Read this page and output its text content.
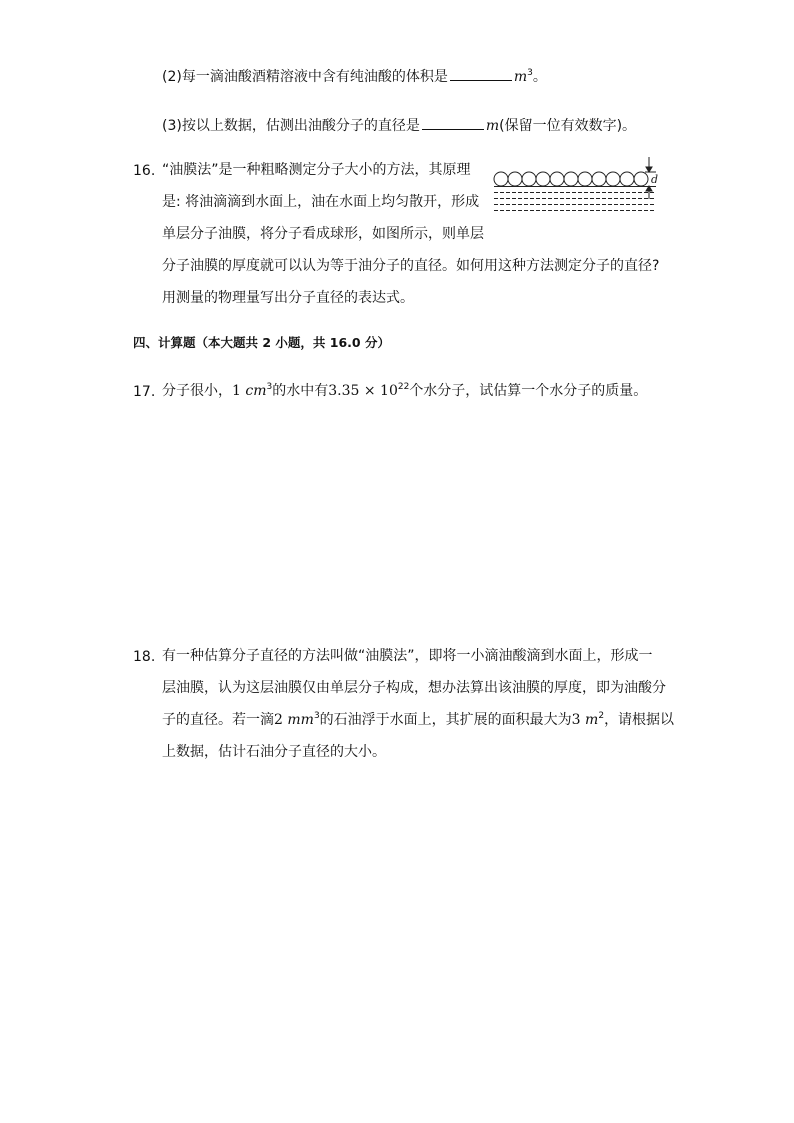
(2)每一滴油酸酒精溶液中含有纯油酸的体积是	$m^3$。
(3)按以上数据，估测出油酸分子的直径是	m(保留一位有效数字)。
16. “油膜法”是一种粗略测定分子大小的方法，其原理
是: 将油滴滴到水面上，油在水面上均匀散开，形成
单层分子油膜，将分子看成球形，如图所示，则单层
分子油膜的厚度就可以认为等于油分子的直径。如何用这种方法测定分子的直径?
用测量的物理量写出分子直径的表达式。
d
四、计算题（本大题共 2 小题，共 16.0 分）
17. 分子很小，1 $cm^3$的水中有$3.35 \times 10^{22}$个水分子，试估算一个水分子的质量。
18. 有一种估算分子直径的方法叫做“油膜法”，即将一小滴油酸滴到水面上，形成一
层油膜，认为这层油膜仅由单层分子构成，想办法算出该油膜的厚度，即为油酸分
子的直径。若一滴2 $mm^3$的石油浮于水面上，其扩展的面积最大为3 $m^2$，请根据以
上数据，估计石油分子直径的大小。
